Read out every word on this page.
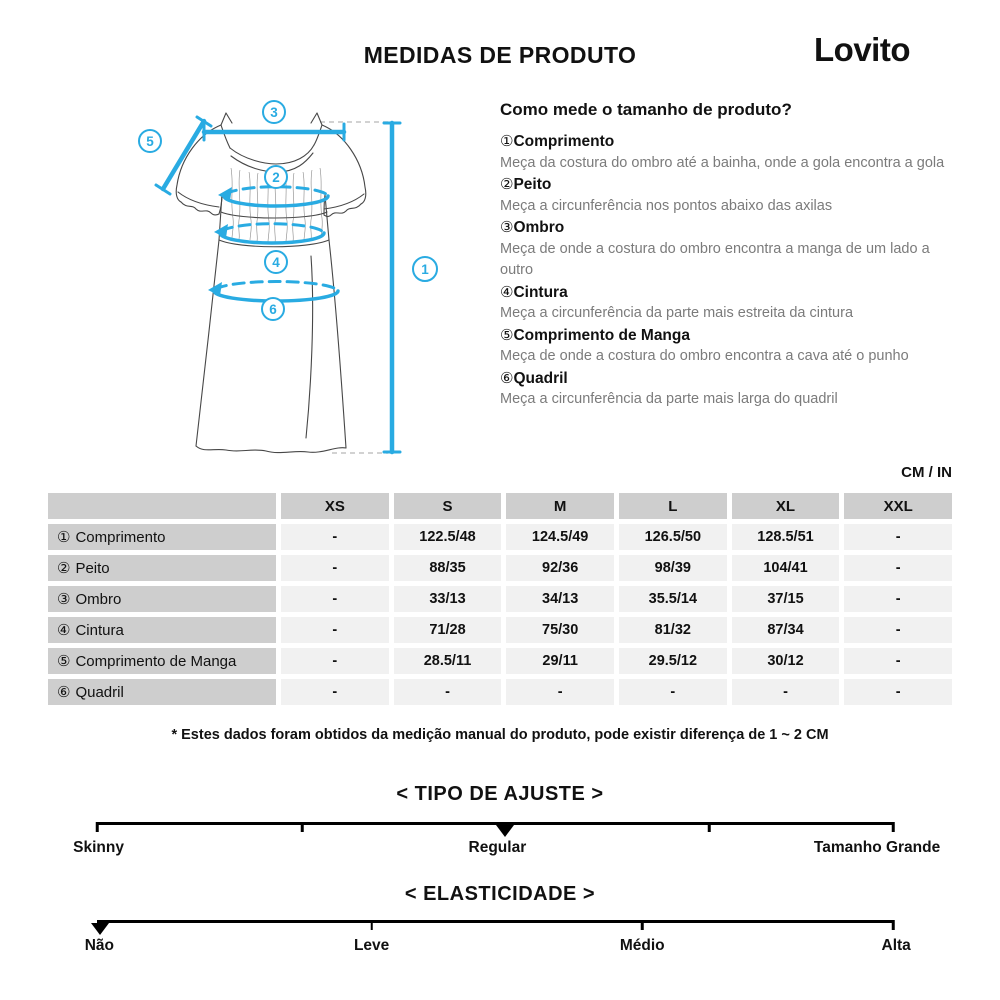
MEDIDAS DE PRODUTO	Lovito
1
2
3
4
5
6
Como mede o tamanho de produto?
①Comprimento
Meça da costura do ombro até a bainha, onde a gola encontra a gola
②Peito
Meça a circunferência nos pontos abaixo das axilas
③Ombro
Meça de onde a costura do ombro encontra a manga de um lado a outro
④Cintura
Meça a circunferência da parte mais estreita da cintura
⑤Comprimento de Manga
Meça de onde a costura do ombro encontra a cava até o punho
⑥Quadril
Meça a circunferência da parte mais larga do quadril
CM / IN
XS	S	M	L	XL	XXL
① Comprimento	-	122.5/48	124.5/49	126.5/50	128.5/51	-
② Peito	-	88/35	92/36	98/39	104/41	-
③ Ombro	-	33/13	34/13	35.5/14	37/15	-
④ Cintura	-	71/28	75/30	81/32	87/34	-
⑤ Comprimento de Manga	-	28.5/11	29/11	29.5/12	30/12	-
⑥ Quadril	-	-	-	-	-	-
* Estes dados foram obtidos da medição manual do produto, pode existir diferença de 1 ~ 2 CM
< TIPO DE AJUSTE >
Skinny	Regular	Tamanho Grande
< ELASTICIDADE >
Não	Leve	Médio	Alta
